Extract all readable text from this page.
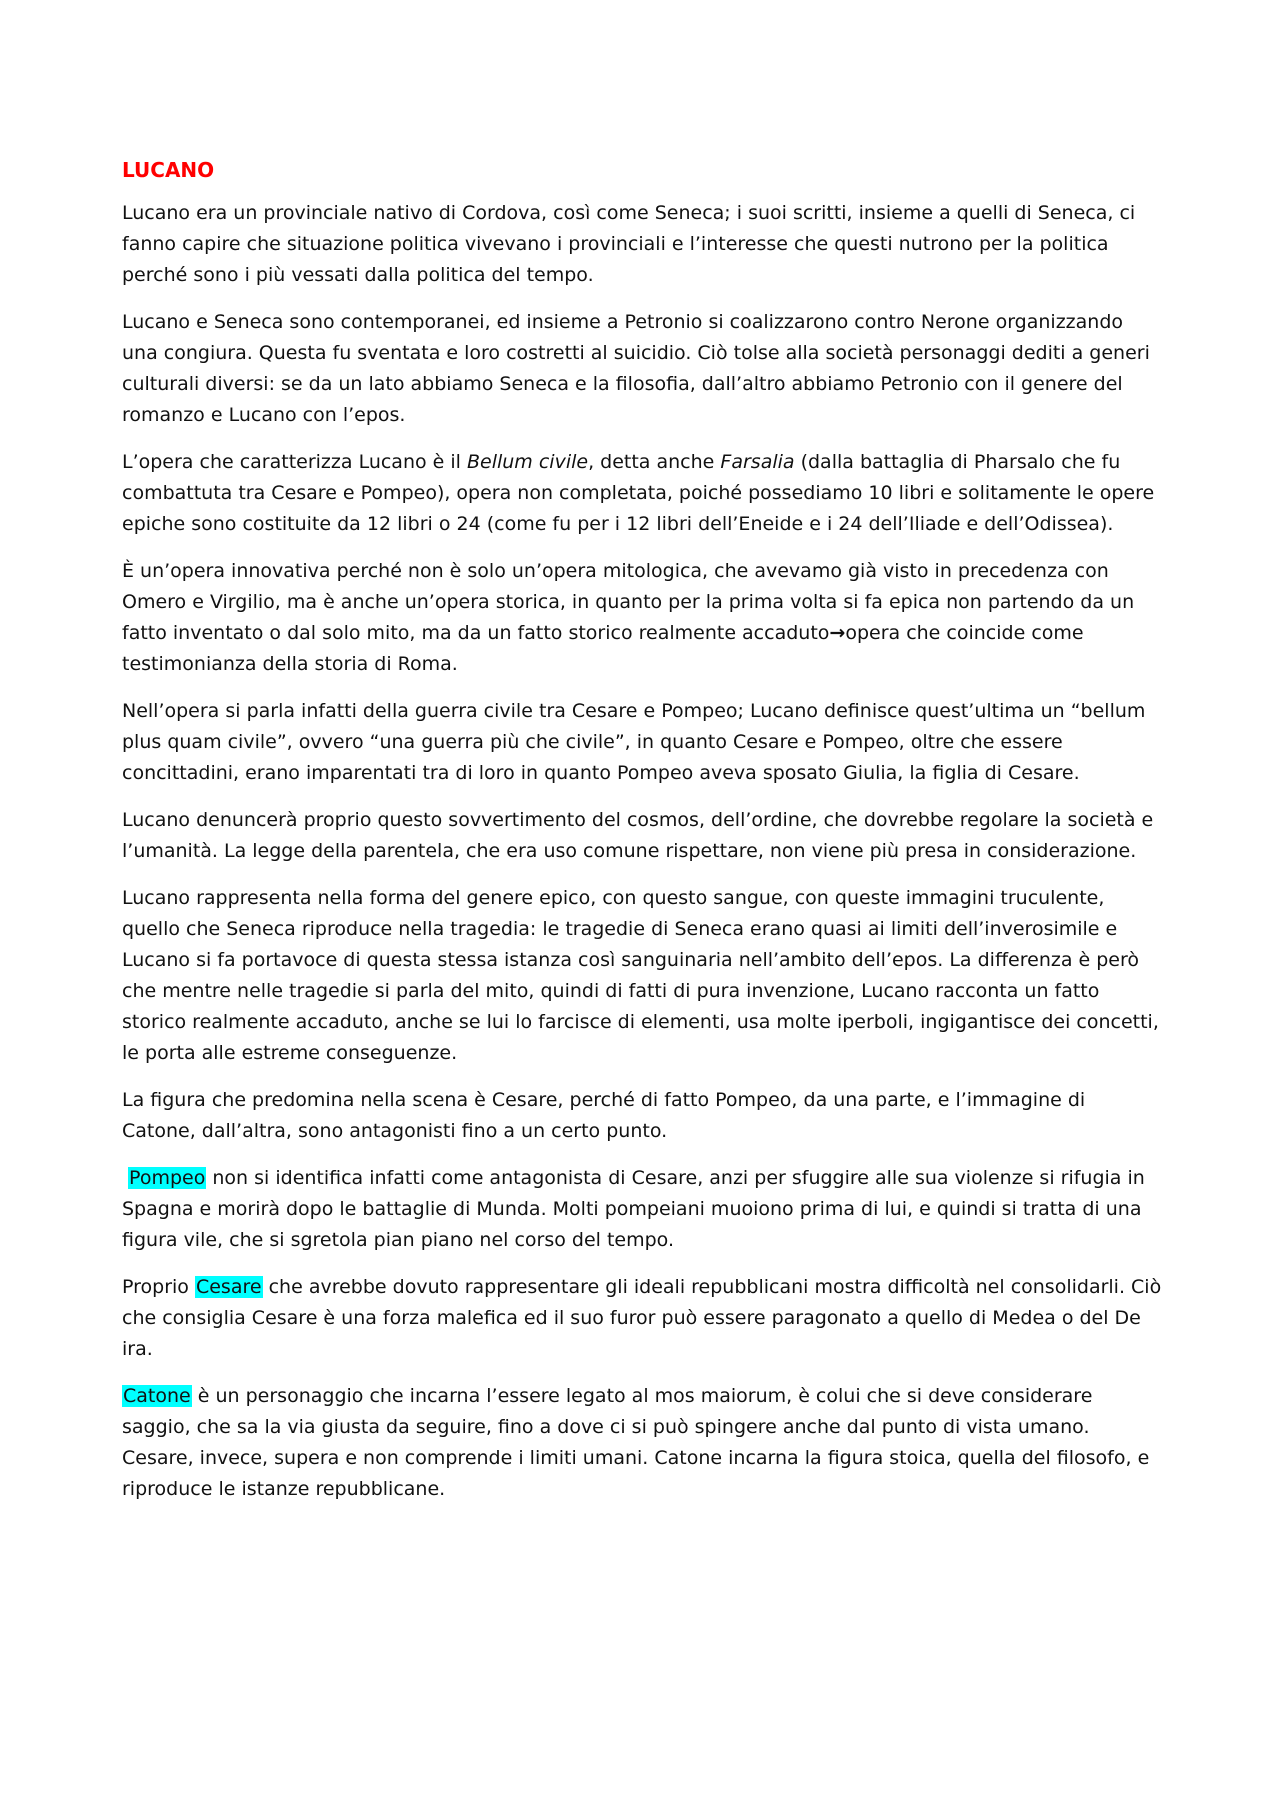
LUCANO

Lucano era un provinciale nativo di Cordova, così come Seneca; i suoi scritti, insieme a quelli di Seneca, ci fanno capire che situazione politica vivevano i provinciali e l’interesse che questi nutrono per la politica perché sono i più vessati dalla politica del tempo.

Lucano e Seneca sono contemporanei, ed insieme a Petronio si coalizzarono contro Nerone organizzando una congiura. Questa fu sventata e loro costretti al suicidio. Ciò tolse alla società personaggi dediti a generi culturali diversi: se da un lato abbiamo Seneca e la filosofia, dall’altro abbiamo Petronio con il genere del romanzo e Lucano con l’epos.

L’opera che caratterizza Lucano è il Bellum civile, detta anche Farsalia (dalla battaglia di Pharsalo che fu combattuta tra Cesare e Pompeo), opera non completata, poiché possediamo 10 libri e solitamente le opere epiche sono costituite da 12 libri o 24 (come fu per i 12 libri dell’Eneide e i 24 dell’Iliade e dell’Odissea).

È un’opera innovativa perché non è solo un’opera mitologica, che avevamo già visto in precedenza con Omero e Virgilio, ma è anche un’opera storica, in quanto per la prima volta si fa epica non partendo da un fatto inventato o dal solo mito, ma da un fatto storico realmente accaduto→opera che coincide come testimonianza della storia di Roma.

Nell’opera si parla infatti della guerra civile tra Cesare e Pompeo; Lucano definisce quest’ultima un “bellum plus quam civile”, ovvero “una guerra più che civile”, in quanto Cesare e Pompeo, oltre che essere concittadini, erano imparentati tra di loro in quanto Pompeo aveva sposato Giulia, la figlia di Cesare.

Lucano denuncerà proprio questo sovvertimento del cosmos, dell’ordine, che dovrebbe regolare la società e l’umanità. La legge della parentela, che era uso comune rispettare, non viene più presa in considerazione.

Lucano rappresenta nella forma del genere epico, con questo sangue, con queste immagini truculente, quello che Seneca riproduce nella tragedia: le tragedie di Seneca erano quasi ai limiti dell’inverosimile e Lucano si fa portavoce di questa stessa istanza così sanguinaria nell’ambito dell’epos. La differenza è però che mentre nelle tragedie si parla del mito, quindi di fatti di pura invenzione, Lucano racconta un fatto storico realmente accaduto, anche se lui lo farcisce di elementi, usa molte iperboli, ingigantisce dei concetti, le porta alle estreme conseguenze.

La figura che predomina nella scena è Cesare, perché di fatto Pompeo, da una parte, e l’immagine di Catone, dall’altra, sono antagonisti fino a un certo punto.

Pompeo non si identifica infatti come antagonista di Cesare, anzi per sfuggire alle sua violenze si rifugia in Spagna e morirà dopo le battaglie di Munda. Molti pompeiani muoiono prima di lui, e quindi si tratta di una figura vile, che si sgretola pian piano nel corso del tempo.

Proprio Cesare che avrebbe dovuto rappresentare gli ideali repubblicani mostra difficoltà nel consolidarli. Ciò che consiglia Cesare è una forza malefica ed il suo furor può essere paragonato a quello di Medea o del De ira.

Catone è un personaggio che incarna l’essere legato al mos maiorum, è colui che si deve considerare saggio, che sa la via giusta da seguire, fino a dove ci si può spingere anche dal punto di vista umano. Cesare, invece, supera e non comprende i limiti umani. Catone incarna la figura stoica, quella del filosofo, e riproduce le istanze repubblicane.
